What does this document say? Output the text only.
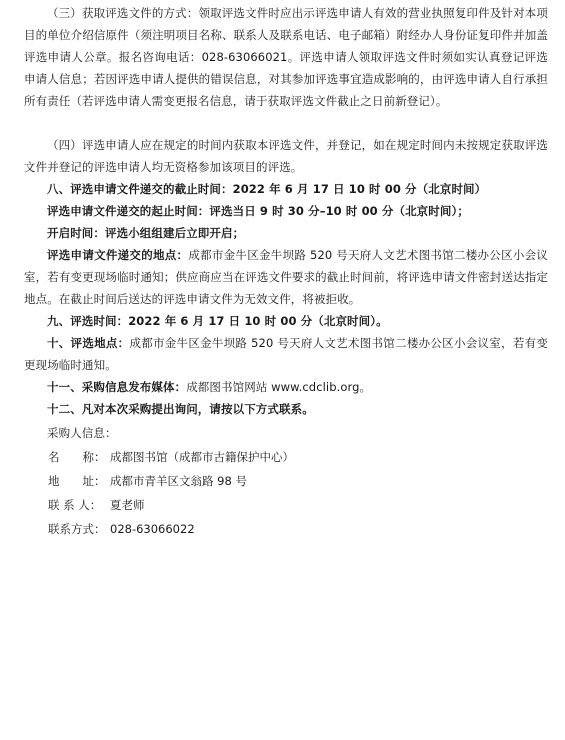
（三）获取评选文件的方式：领取评选文件时应出示评选申请人有效的营业执照复印件及针对本项目的单位介绍信原件（须注明项目名称、联系人及联系电话、电子邮箱）附经办人身份证复印件并加盖评选申请人公章。报名咨询电话：028-63066021。评选申请人领取评选文件时须如实认真登记评选申请人信息；若因评选申请人提供的错误信息，对其参加评选事宜造成影响的，由评选申请人自行承担所有责任（若评选申请人需变更报名信息，请于获取评选文件截止之日前新登记）。

（四）评选申请人应在规定的时间内获取本评选文件，并登记，如在规定时间内未按规定获取评选文件并登记的评选申请人均无资格参加该项目的评选。

八、评选申请文件递交的截止时间：2022 年 6 月 17 日 10 时 00 分（北京时间）

评选申请文件递交的起止时间：评选当日 9 时 30 分–10 时 00 分（北京时间）；

开启时间：评选小组组建后立即开启；

评选申请文件递交的地点：成都市金牛区金牛坝路 520 号天府人文艺术图书馆二楼办公区小会议室，若有变更现场临时通知；供应商应当在评选文件要求的截止时间前，将评选申请文件密封送达指定地点。在截止时间后送达的评选申请文件为无效文件，将被拒收。

九、评选时间：2022 年 6 月 17 日 10 时 00 分（北京时间）。

十、评选地点：成都市金牛区金牛坝路 520 号天府人文艺术图书馆二楼办公区小会议室，若有变更现场临时通知。

十一、采购信息发布媒体：成都图书馆网站 www.cdclib.org。

十二、凡对本次采购提出询问，请按以下方式联系。

采购人信息：

名　　称： 成都图书馆（成都市古籍保护中心）
地　　址： 成都市青羊区文翁路 98 号
联 系 人： 夏老师
联系方式： 028-63066022
